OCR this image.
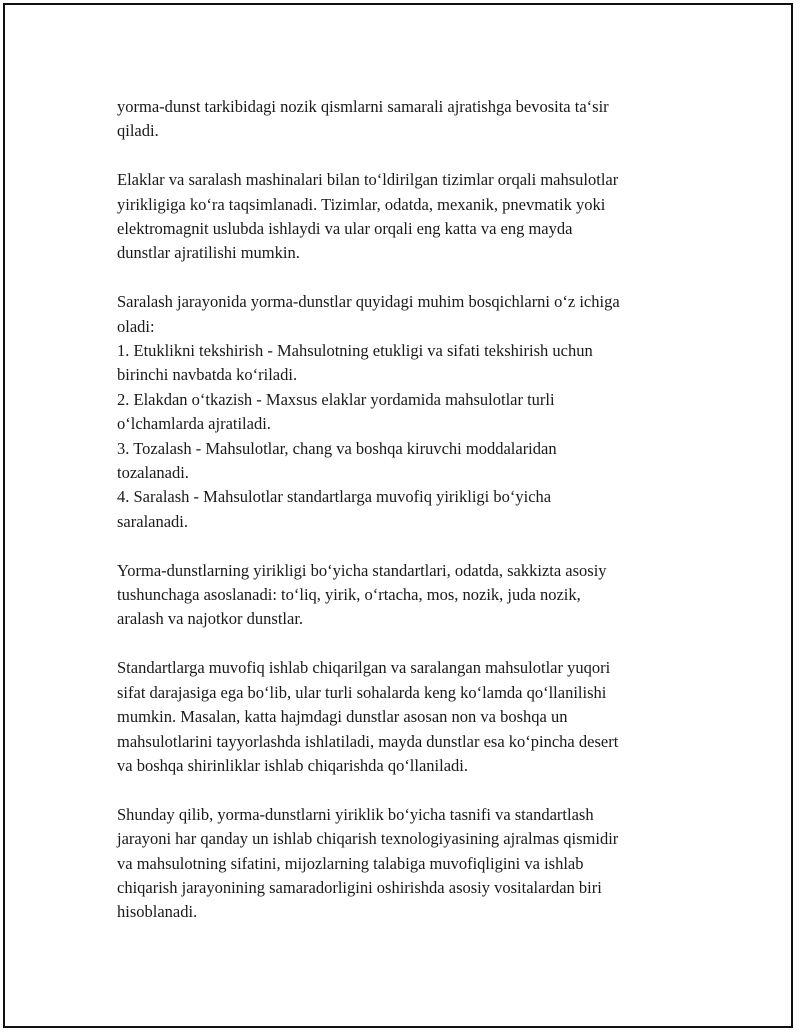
yorma-dunst tarkibidagi nozik qismlarni samarali ajratishga bevosita ta‘sir
qiladi.

Elaklar va saralash mashinalari bilan to‘ldirilgan tizimlar orqali mahsulotlar
yirikligiga ko‘ra taqsimlanadi. Tizimlar, odatda, mexanik, pnevmatik yoki
elektromagnit uslubda ishlaydi va ular orqali eng katta va eng mayda
dunstlar ajratilishi mumkin.

Saralash jarayonida yorma-dunstlar quyidagi muhim bosqichlarni o‘z ichiga
oladi:
1. Etuklikni tekshirish - Mahsulotning etukligi va sifati tekshirish uchun
birinchi navbatda ko‘riladi.
2. Elakdan o‘tkazish - Maxsus elaklar yordamida mahsulotlar turli
o‘lchamlarda ajratiladi.
3. Tozalash - Mahsulotlar, chang va boshqa kiruvchi moddalaridan
tozalanadi.
4. Saralash - Mahsulotlar standartlarga muvofiq yirikligi bo‘yicha
saralanadi.

Yorma-dunstlarning yirikligi bo‘yicha standartlari, odatda, sakkizta asosiy
tushunchaga asoslanadi: to‘liq, yirik, o‘rtacha, mos, nozik, juda nozik,
aralash va najotkor dunstlar.

Standartlarga muvofiq ishlab chiqarilgan va saralangan mahsulotlar yuqori
sifat darajasiga ega bo‘lib, ular turli sohalarda keng ko‘lamda qo‘llanilishi
mumkin. Masalan, katta hajmdagi dunstlar asosan non va boshqa un
mahsulotlarini tayyorlashda ishlatiladi, mayda dunstlar esa ko‘pincha desert
va boshqa shirinliklar ishlab chiqarishda qo‘llaniladi.

Shunday qilib, yorma-dunstlarni yiriklik bo‘yicha tasnifi va standartlash
jarayoni har qanday un ishlab chiqarish texnologiyasining ajralmas qismidir
va mahsulotning sifatini, mijozlarning talabiga muvofiqligini va ishlab
chiqarish jarayonining samaradorligini oshirishda asosiy vositalardan biri
hisoblanadi.
